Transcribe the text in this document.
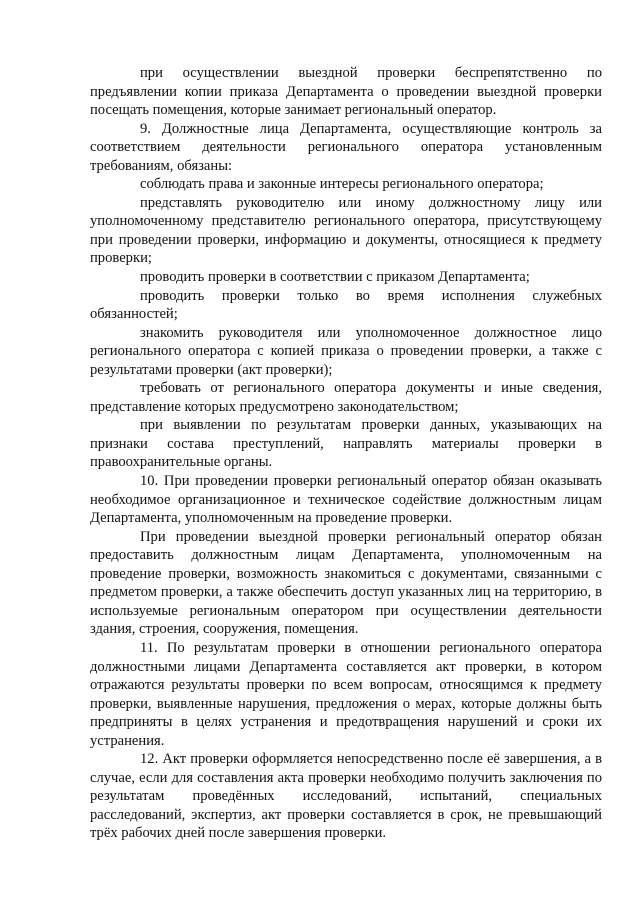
при осуществлении выездной проверки беспрепятственно по предъявлении копии приказа Департамента о проведении выездной проверки посещать помещения, которые занимает региональный оператор.

9. Должностные лица Департамента, осуществляющие контроль за соответствием деятельности регионального оператора установленным требованиям, обязаны:

соблюдать права и законные интересы регионального оператора;

представлять руководителю или иному должностному лицу или уполномоченному представителю регионального оператора, присутствующему при проведении проверки, информацию и документы, относящиеся к предмету проверки;

проводить проверки в соответствии с приказом Департамента;

проводить проверки только во время исполнения служебных обязанностей;

знакомить руководителя или уполномоченное должностное лицо регионального оператора с копией приказа о проведении проверки, а также с результатами проверки (акт проверки);

требовать от регионального оператора документы и иные сведения, представление которых предусмотрено законодательством;

при выявлении по результатам проверки данных, указывающих на признаки состава преступлений, направлять материалы проверки в правоохранительные органы.

10. При проведении проверки региональный оператор обязан оказывать необходимое организационное и техническое содействие должностным лицам Департамента, уполномоченным на проведение проверки.

При проведении выездной проверки региональный оператор обязан предоставить должностным лицам Департамента, уполномоченным на проведение проверки, возможность знакомиться с документами, связанными с предметом проверки, а также обеспечить доступ указанных лиц на территорию, в используемые региональным оператором при осуществлении деятельности здания, строения, сооружения, помещения.

11. По результатам проверки в отношении регионального оператора должностными лицами Департамента составляется акт проверки, в котором отражаются результаты проверки по всем вопросам, относящимся к предмету проверки, выявленные нарушения, предложения о мерах, которые должны быть предприняты в целях устранения и предотвращения нарушений и сроки их устранения.

12. Акт проверки оформляется непосредственно после её завершения, а в случае, если для составления акта проверки необходимо получить заключения по результатам проведённых исследований, испытаний, специальных расследований, экспертиз, акт проверки составляется в срок, не превышающий трёх рабочих дней после завершения проверки.
